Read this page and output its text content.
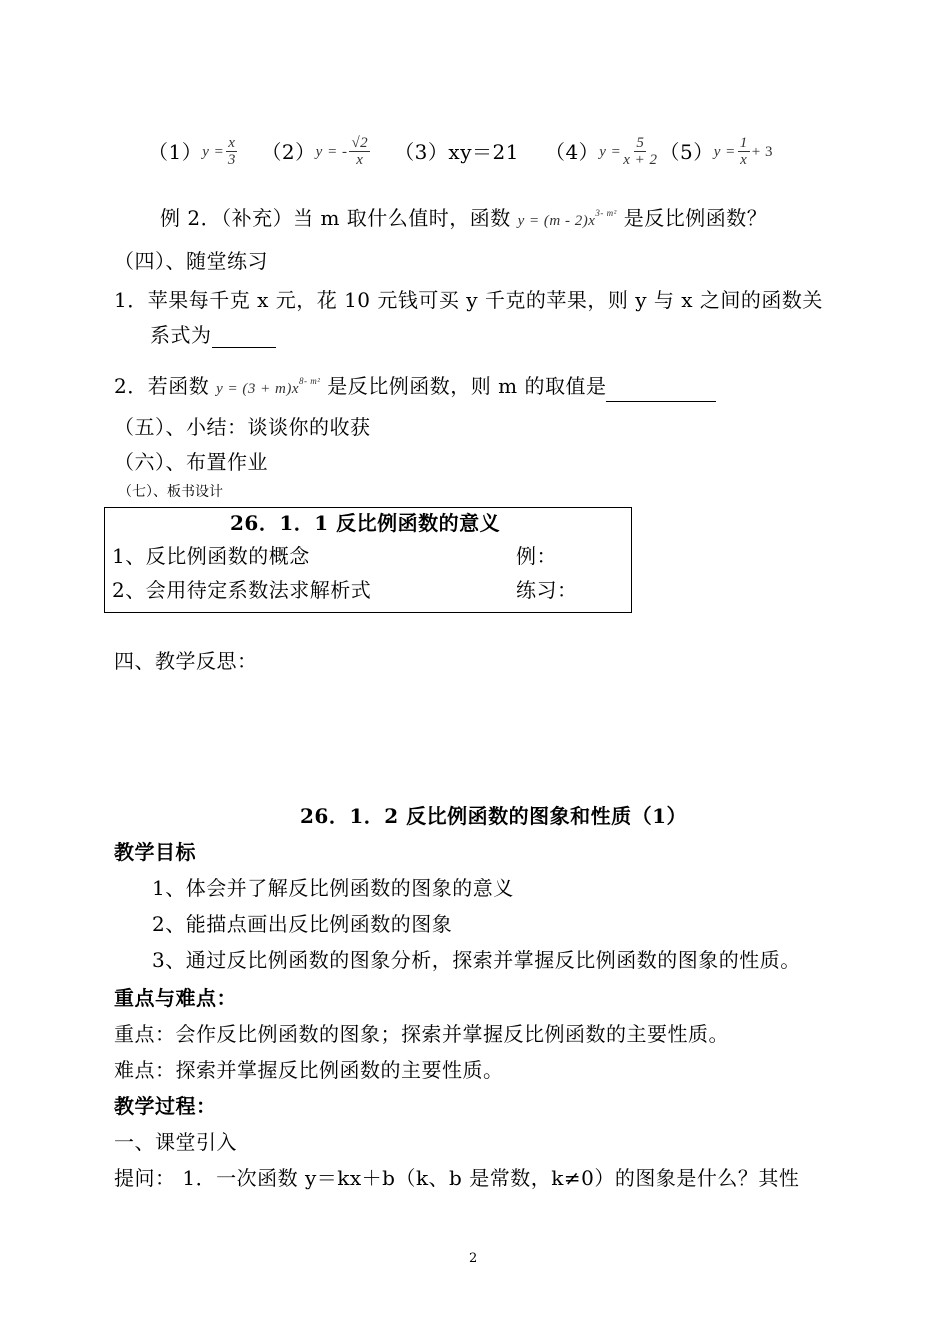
（1） $y = \frac{x}{3} (2) y$ = - $\frac{√2}{x} (3)xy=21$ （4） $y = \frac{5}{x + 2} (5) y = \frac{1}{x} + 3$
例 2．（补充）当 m 取什么值时，函数 $y = (m - 2)x^{3- m^2}$ 是反比例函数？
（四）、随堂练习
1．苹果每千克 x 元，花 10 元钱可买 y 千克的苹果，则 y 与 x 之间的函数关
系式为
2．若函数 $y = (3 + m)x^{8- m^2}$ 是反比例函数，则 m 的取值是
（五）、小结：谈谈你的收获
（六）、布置作业
（七）、板书设计
26．1．1 反比例函数的意义
1、反比例函数的概念	例：
2、会用待定系数法求解析式	练习：
四、教学反思：
26．1．2 反比例函数的图象和性质（1）
教学目标
1、体会并了解反比例函数的图象的意义
2、能描点画出反比例函数的图象
3、通过反比例函数的图象分析，探索并掌握反比例函数的图象的性质。
重点与难点：
重点：会作反比例函数的图象；探索并掌握反比例函数的主要性质。
难点：探索并掌握反比例函数的主要性质。
教学过程：
一、课堂引入
提问： 1．一次函数 y＝kx＋b（k、b 是常数，k≠0）的图象是什么？其性
2
